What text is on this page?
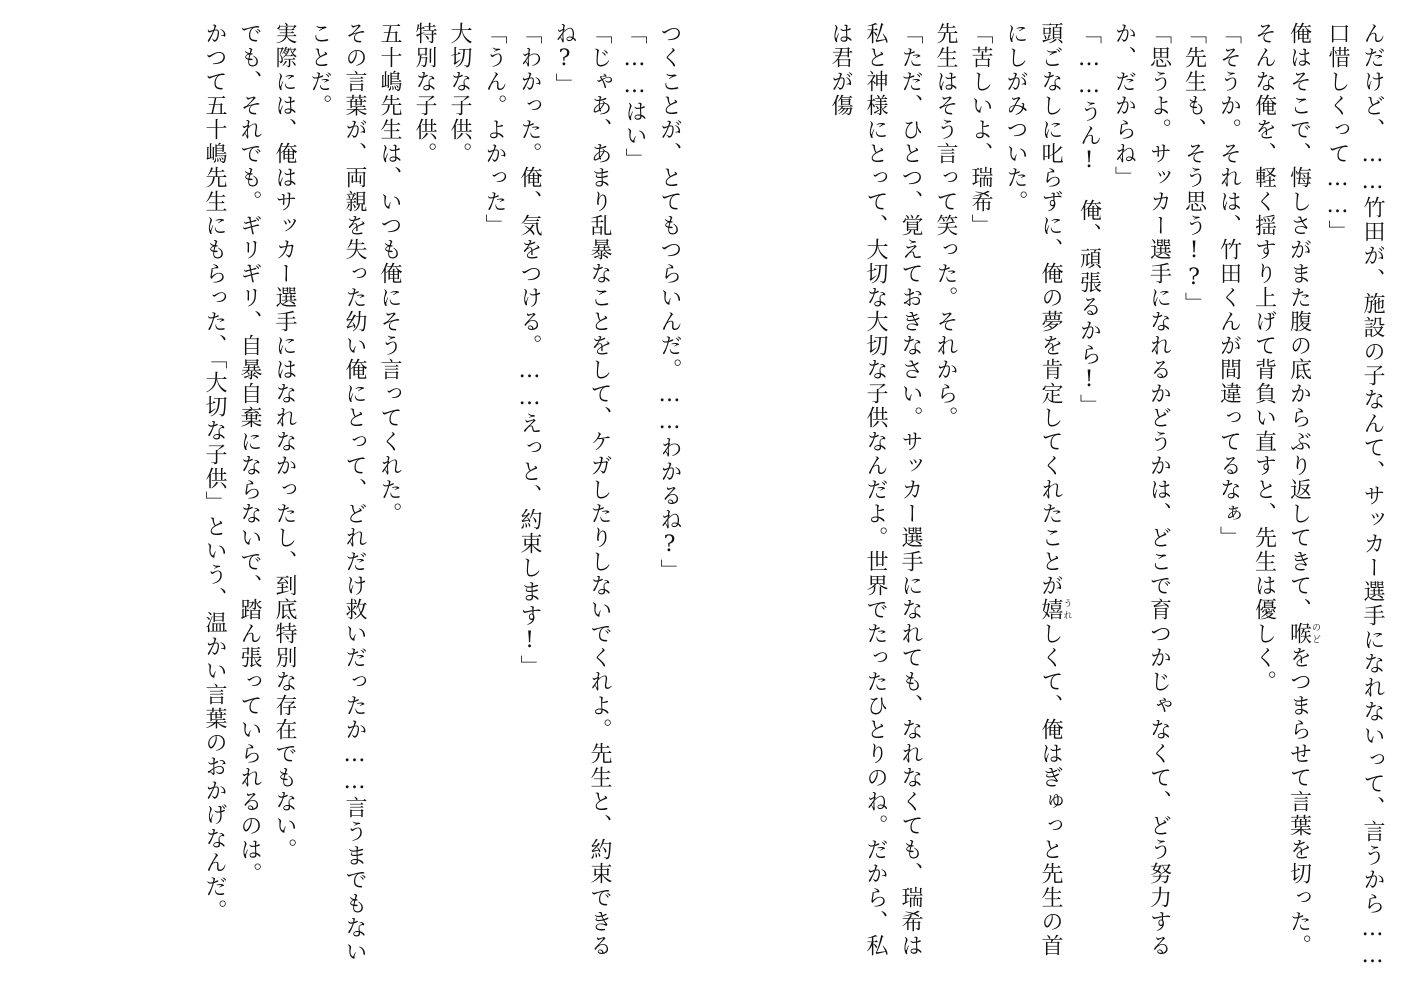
んだけど、……竹田が、施設の子なんて、サッカー選手になれないって、言うから……口惜しくって……」

俺はそこで、悔しさがまた腹の底からぶり返してきて、喉のどをつまらせて言葉を切った。そんな俺を、軽く揺すり上げて背負い直すと、先生は優しく。

「そうか。それは、竹田くんが間違ってるなぁ」

「先生も、そう思う!?」

「思うよ。サッカー選手になれるかどうかは、どこで育つかじゃなくて、どう努力するか、だからね」

「……うん!　俺、頑張るから!」

頭ごなしに叱らずに、俺の夢を肯定してくれたことが嬉うれしくて、俺はぎゅっと先生の首にしがみついた。

「苦しいよ、瑞希」

先生はそう言って笑った。それから。

「ただ、ひとつ、覚えておきなさい。サッカー選手になれても、なれなくても、瑞希は私と神様にとって、大切な大切な子供なんだよ。世界でたったひとりのね。だから、私は君が傷

つくことが、とてもつらいんだ。……わかるね?」

「……はい」

「じゃあ、あまり乱暴なことをして、ケガしたりしないでくれよ。先生と、約束できるね?」

「わかった。俺、気をつける。……えっと、約束します!」

「うん。よかった」

大切な子供。

特別な子供。

五十嶋先生は、いつも俺にそう言ってくれた。

その言葉が、両親を失った幼い俺にとって、どれだけ救いだったか……言うまでもないことだ。

実際には、俺はサッカー選手にはなれなかったし、到底特別な存在でもない。

でも、それでも。ギリギリ、自暴自棄にならないで、踏ん張っていられるのは。

かつて五十嶋先生にもらった、「大切な子供」という、温かい言葉のおかげなんだ。
